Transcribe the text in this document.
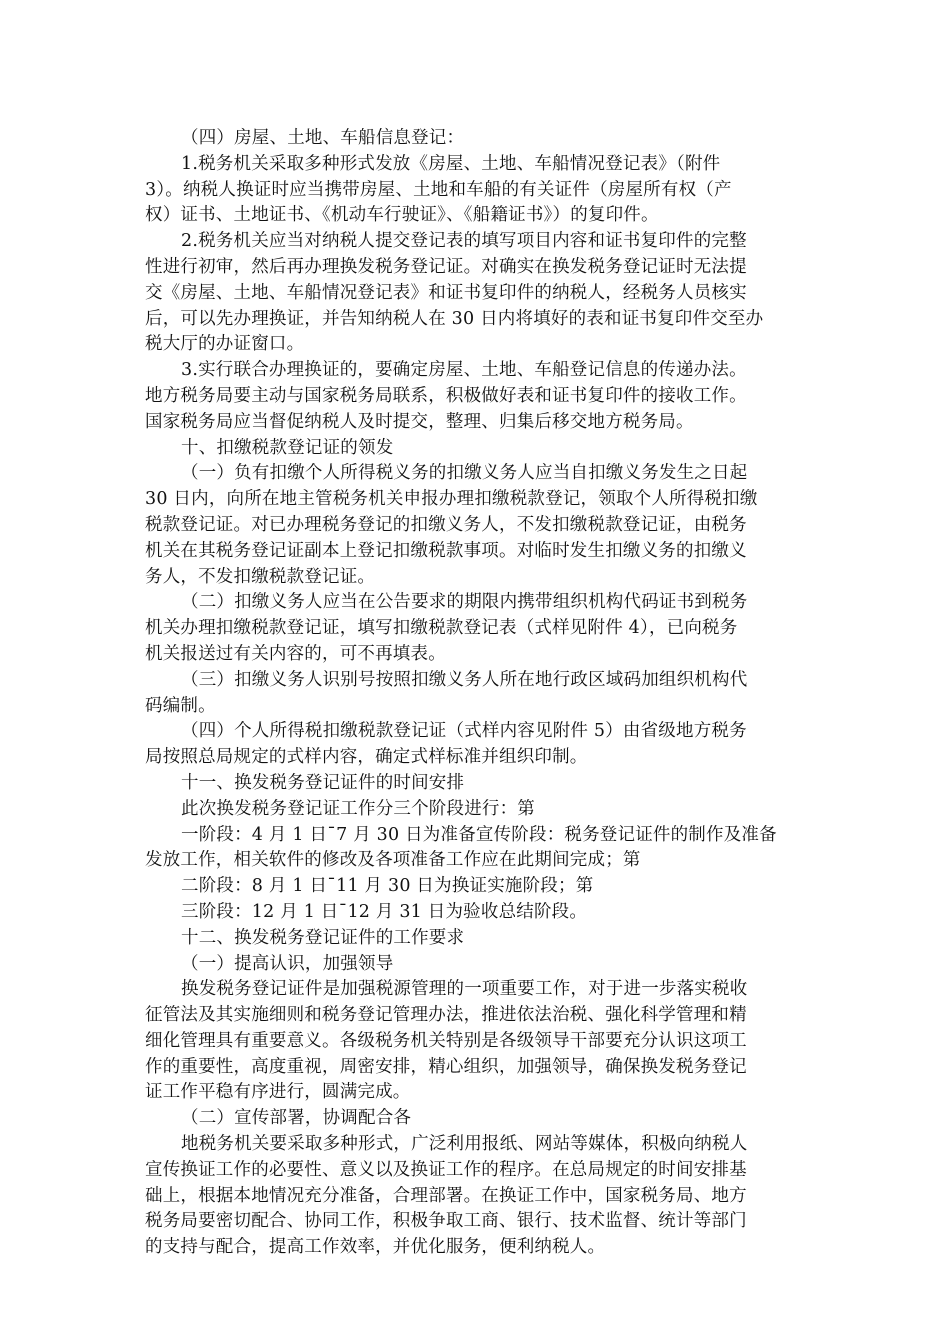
（四）房屋、土地、车船信息登记：
1.税务机关采取多种形式发放《房屋、土地、车船情况登记表》（附件
3）。纳税人换证时应当携带房屋、土地和车船的有关证件（房屋所有权（产
权）证书、土地证书、《机动车行驶证》、《船籍证书》）的复印件。
2.税务机关应当对纳税人提交登记表的填写项目内容和证书复印件的完整
性进行初审，然后再办理换发税务登记证。对确实在换发税务登记证时无法提
交《房屋、土地、车船情况登记表》和证书复印件的纳税人，经税务人员核实
后，可以先办理换证，并告知纳税人在 30 日内将填好的表和证书复印件交至办
税大厅的办证窗口。
3.实行联合办理换证的，要确定房屋、土地、车船登记信息的传递办法。
地方税务局要主动与国家税务局联系，积极做好表和证书复印件的接收工作。
国家税务局应当督促纳税人及时提交，整理、归集后移交地方税务局。
十、扣缴税款登记证的领发
（一）负有扣缴个人所得税义务的扣缴义务人应当自扣缴义务发生之日起
30 日内，向所在地主管税务机关申报办理扣缴税款登记，领取个人所得税扣缴
税款登记证。对已办理税务登记的扣缴义务人，不发扣缴税款登记证，由税务
机关在其税务登记证副本上登记扣缴税款事项。对临时发生扣缴义务的扣缴义
务人，不发扣缴税款登记证。
（二）扣缴义务人应当在公告要求的期限内携带组织机构代码证书到税务
机关办理扣缴税款登记证，填写扣缴税款登记表（式样见附件 4），已向税务
机关报送过有关内容的，可不再填表。
（三）扣缴义务人识别号按照扣缴义务人所在地行政区域码加组织机构代
码编制。
（四）个人所得税扣缴税款登记证（式样内容见附件 5）由省级地方税务
局按照总局规定的式样内容，确定式样标准并组织印制。
十一、换发税务登记证件的时间安排
此次换发税务登记证工作分三个阶段进行：第
一阶段：4 月 1 日¯7 月 30 日为准备宣传阶段：税务登记证件的制作及准备
发放工作，相关软件的修改及各项准备工作应在此期间完成；第
二阶段：8 月 1 日¯11 月 30 日为换证实施阶段；第
三阶段：12 月 1 日¯12 月 31 日为验收总结阶段。
十二、换发税务登记证件的工作要求
（一）提高认识，加强领导
换发税务登记证件是加强税源管理的一项重要工作，对于进一步落实税收
征管法及其实施细则和税务登记管理办法，推进依法治税、强化科学管理和精
细化管理具有重要意义。各级税务机关特别是各级领导干部要充分认识这项工
作的重要性，高度重视，周密安排，精心组织，加强领导，确保换发税务登记
证工作平稳有序进行，圆满完成。
（二）宣传部署，协调配合各
地税务机关要采取多种形式，广泛利用报纸、网站等媒体，积极向纳税人
宣传换证工作的必要性、意义以及换证工作的程序。在总局规定的时间安排基
础上，根据本地情况充分准备，合理部署。在换证工作中，国家税务局、地方
税务局要密切配合、协同工作，积极争取工商、银行、技术监督、统计等部门
的支持与配合，提高工作效率，并优化服务，便利纳税人。
